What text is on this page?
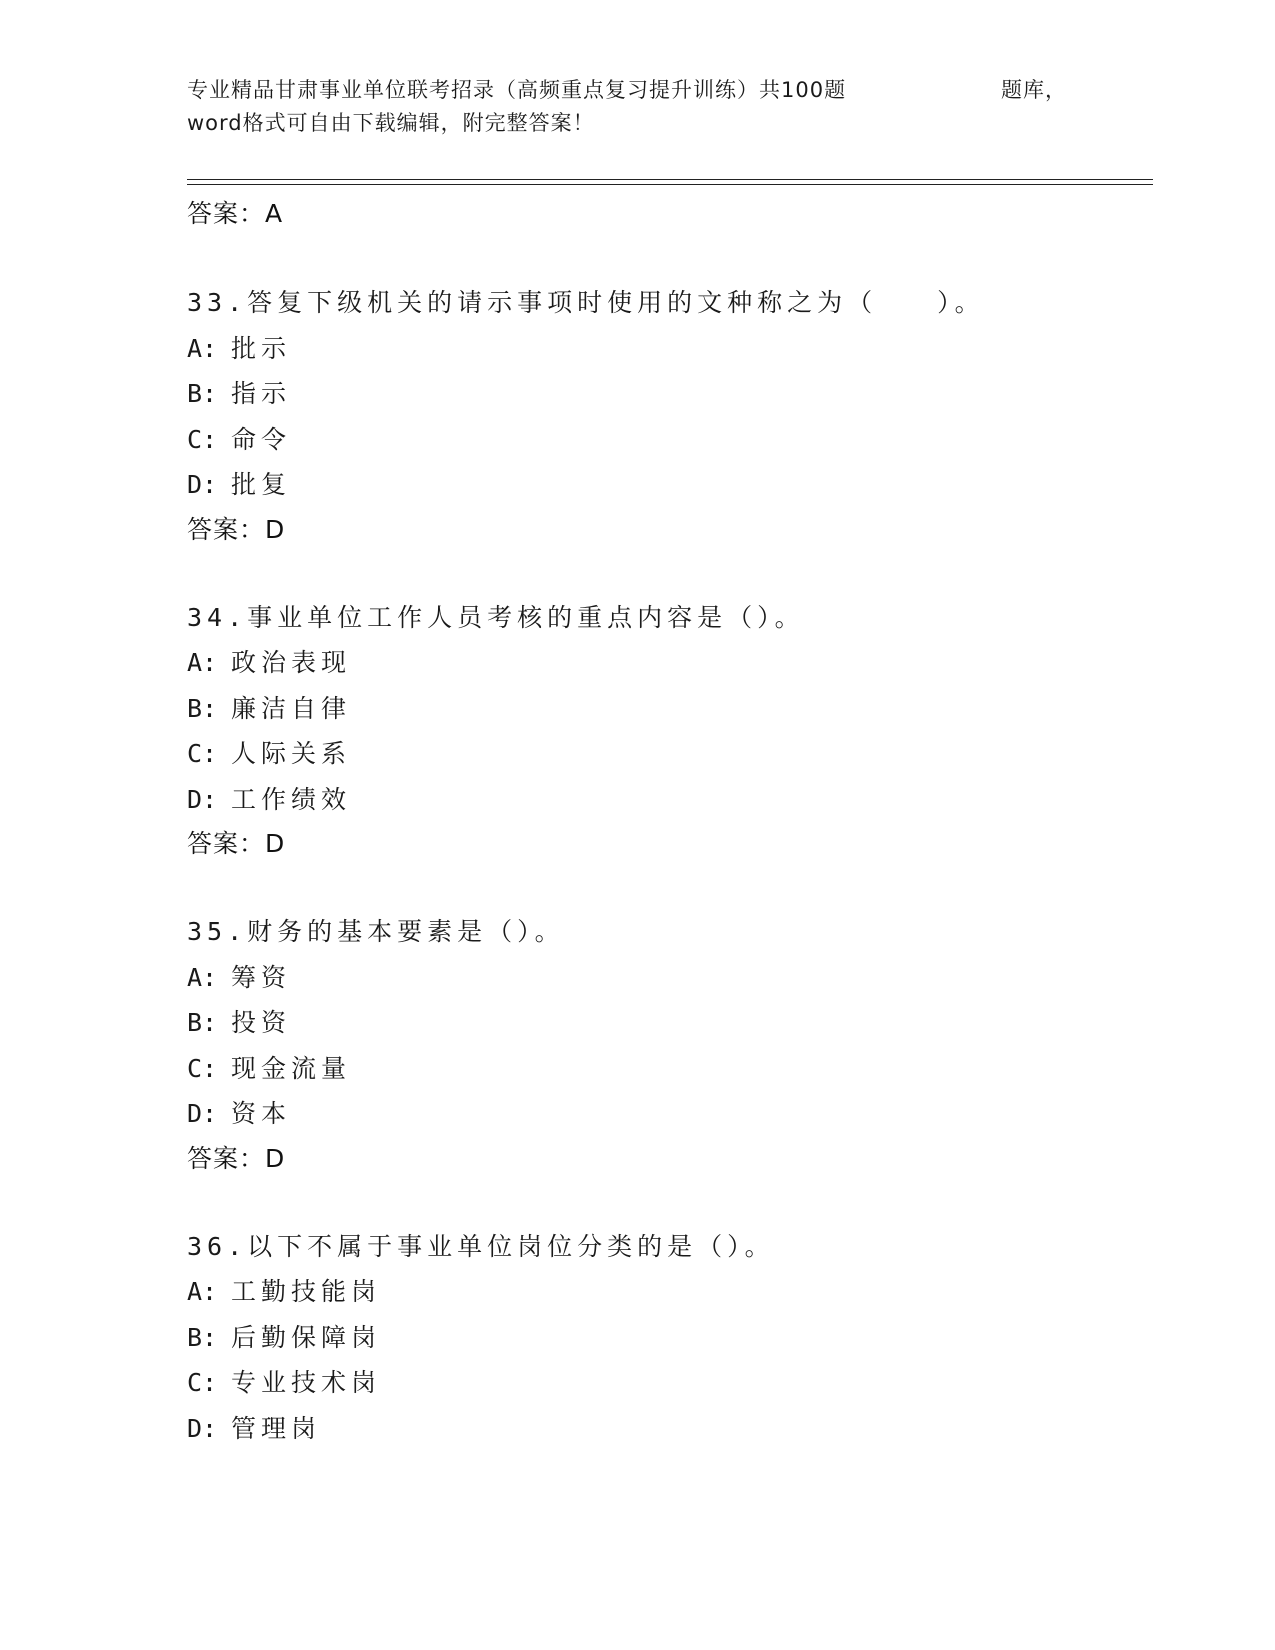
专业精品甘肃事业单位联考招录（高频重点复习提升训练）共100题	题库，
word格式可自由下载编辑，附完整答案！
答案：A
33.答复下级机关的请示事项时使用的文种称之为（　　）。
A: 批示
B: 指示
C: 命令
D: 批复
答案：D
34.事业单位工作人员考核的重点内容是（）。
A: 政治表现
B: 廉洁自律
C: 人际关系
D: 工作绩效
答案：D
35.财务的基本要素是（）。
A: 筹资
B: 投资
C: 现金流量
D: 资本
答案：D
36.以下不属于事业单位岗位分类的是（）。
A: 工勤技能岗
B: 后勤保障岗
C: 专业技术岗
D: 管理岗
